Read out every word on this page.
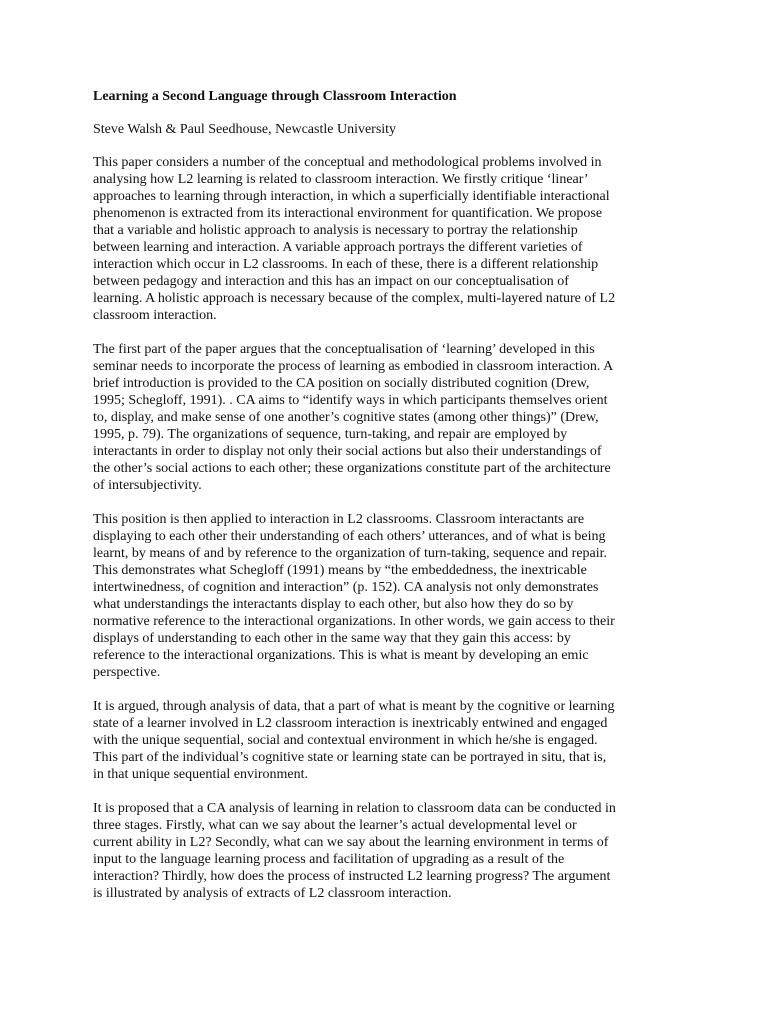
Learning a Second Language through Classroom Interaction
Steve Walsh & Paul Seedhouse, Newcastle University
This paper considers a number of the conceptual and methodological problems involved in
analysing how L2 learning is related to classroom interaction. We firstly critique ‘linear’
approaches to learning through interaction, in which a superficially identifiable interactional
phenomenon is extracted from its interactional environment for quantification. We propose
that a variable and holistic approach to analysis is necessary to portray the relationship
between learning and interaction. A variable approach portrays the different varieties of
interaction which occur in L2 classrooms. In each of these, there is a different relationship
between pedagogy and interaction and this has an impact on our conceptualisation of
learning. A holistic approach is necessary because of the complex, multi-layered nature of L2
classroom interaction.
The first part of the paper argues that the conceptualisation of ‘learning’ developed in this
seminar needs to incorporate the process of learning as embodied in classroom interaction. A
brief introduction is provided to the CA position on socially distributed cognition (Drew,
1995; Schegloff, 1991). . CA aims to “identify ways in which participants themselves orient
to, display, and make sense of one another’s cognitive states (among other things)” (Drew,
1995, p. 79). The organizations of sequence, turn-taking, and repair are employed by
interactants in order to display not only their social actions but also their understandings of
the other’s social actions to each other; these organizations constitute part of the architecture
of intersubjectivity.
This position is then applied to interaction in L2 classrooms. Classroom interactants are
displaying to each other their understanding of each others’ utterances, and of what is being
learnt, by means of and by reference to the organization of turn-taking, sequence and repair.
This demonstrates what Schegloff (1991) means by “the embeddedness, the inextricable
intertwinedness, of cognition and interaction” (p. 152). CA analysis not only demonstrates
what understandings the interactants display to each other, but also how they do so by
normative reference to the interactional organizations. In other words, we gain access to their
displays of understanding to each other in the same way that they gain this access: by
reference to the interactional organizations. This is what is meant by developing an emic
perspective.
It is argued, through analysis of data, that a part of what is meant by the cognitive or learning
state of a learner involved in L2 classroom interaction is inextricably entwined and engaged
with the unique sequential, social and contextual environment in which he/she is engaged.
This part of the individual’s cognitive state or learning state can be portrayed in situ, that is,
in that unique sequential environment.
It is proposed that a CA analysis of learning in relation to classroom data can be conducted in
three stages. Firstly, what can we say about the learner’s actual developmental level or
current ability in L2? Secondly, what can we say about the learning environment in terms of
input to the language learning process and facilitation of upgrading as a result of the
interaction? Thirdly, how does the process of instructed L2 learning progress? The argument
is illustrated by analysis of extracts of L2 classroom interaction.
